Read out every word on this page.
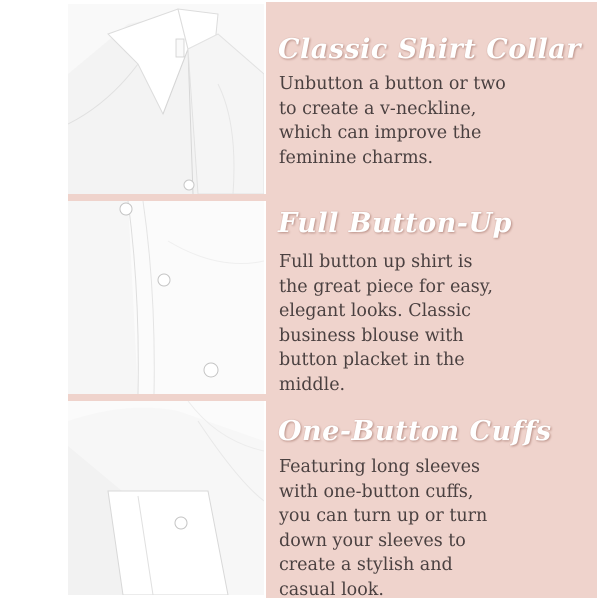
Classic Shirt Collar
Unbutton a button or two
to create a v-neckline,
which can improve the
feminine charms.
Full Button-Up
Full button up shirt is
the great piece for easy,
elegant looks. Classic
business blouse with
button placket in the
middle.
One-Button Cuffs
Featuring long sleeves
with one-button cuffs,
you can turn up or turn
down your sleeves to
create a stylish and
casual look.
